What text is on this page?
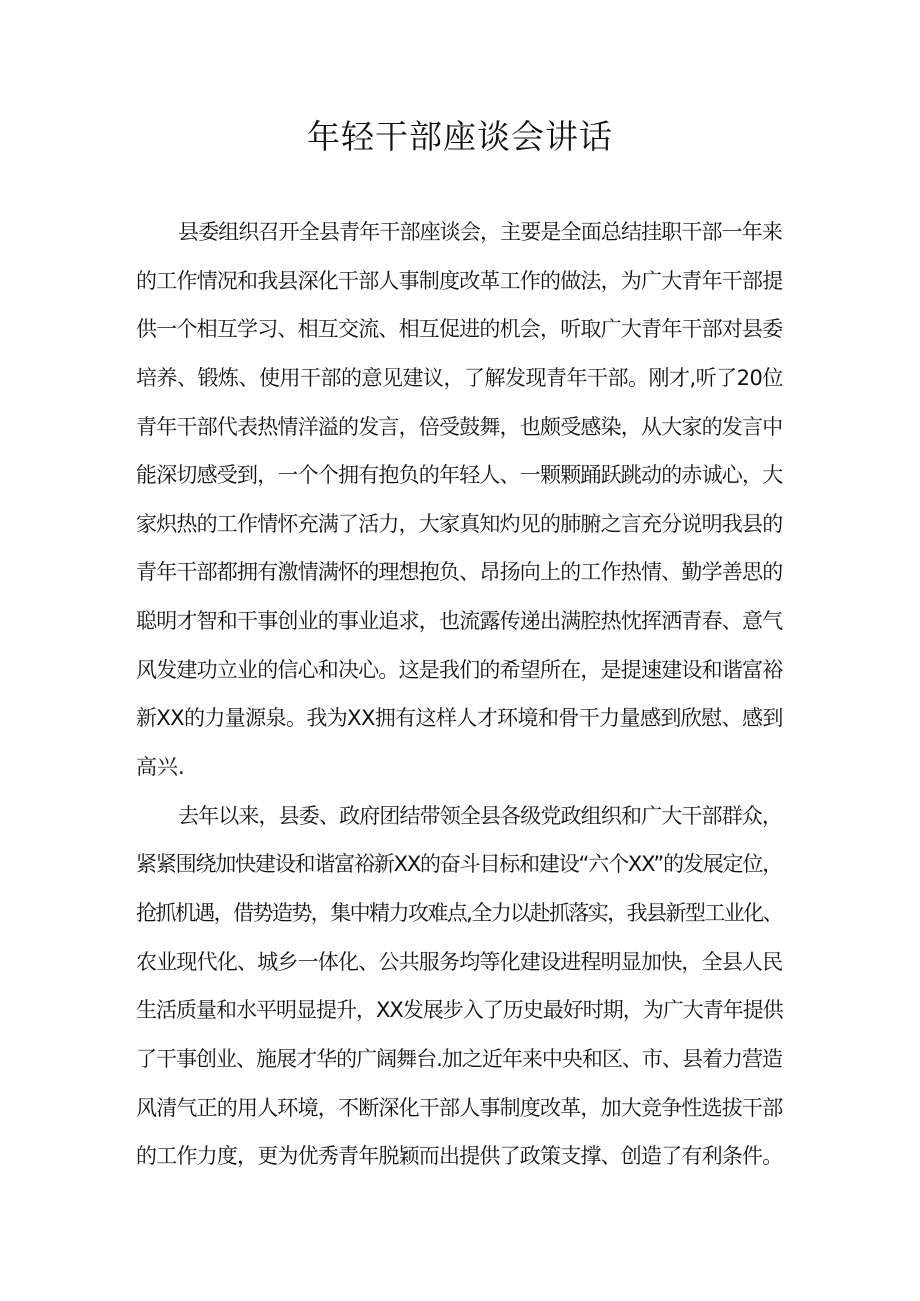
年轻干部座谈会讲话
县委组织召开全县青年干部座谈会，主要是全面总结挂职干部一年来
的工作情况和我县深化干部人事制度改革工作的做法，为广大青年干部提
供一个相互学习、相互交流、相互促进的机会，听取广大青年干部对县委
培养、锻炼、使用干部的意见建议，了解发现青年干部。刚才,听了20位
青年干部代表热情洋溢的发言，倍受鼓舞，也颇受感染，从大家的发言中
能深切感受到，一个个拥有抱负的年轻人、一颗颗踊跃跳动的赤诚心，大
家炽热的工作情怀充满了活力，大家真知灼见的肺腑之言充分说明我县的
青年干部都拥有激情满怀的理想抱负、昂扬向上的工作热情、勤学善思的
聪明才智和干事创业的事业追求，也流露传递出满腔热忱挥洒青春、意气
风发建功立业的信心和决心。这是我们的希望所在，是提速建设和谐富裕
新XX的力量源泉。我为XX拥有这样人才环境和骨干力量感到欣慰、感到
高兴.
去年以来，县委、政府团结带领全县各级党政组织和广大干部群众，
紧紧围绕加快建设和谐富裕新XX的奋斗目标和建设“六个XX”的发展定位，
抢抓机遇，借势造势，集中精力攻难点,全力以赴抓落实，我县新型工业化、
农业现代化、城乡一体化、公共服务均等化建设进程明显加快，全县人民
生活质量和水平明显提升，XX发展步入了历史最好时期，为广大青年提供
了干事创业、施展才华的广阔舞台.加之近年来中央和区、市、县着力营造
风清气正的用人环境，不断深化干部人事制度改革，加大竞争性选拔干部
的工作力度，更为优秀青年脱颖而出提供了政策支撑、创造了有利条件。
